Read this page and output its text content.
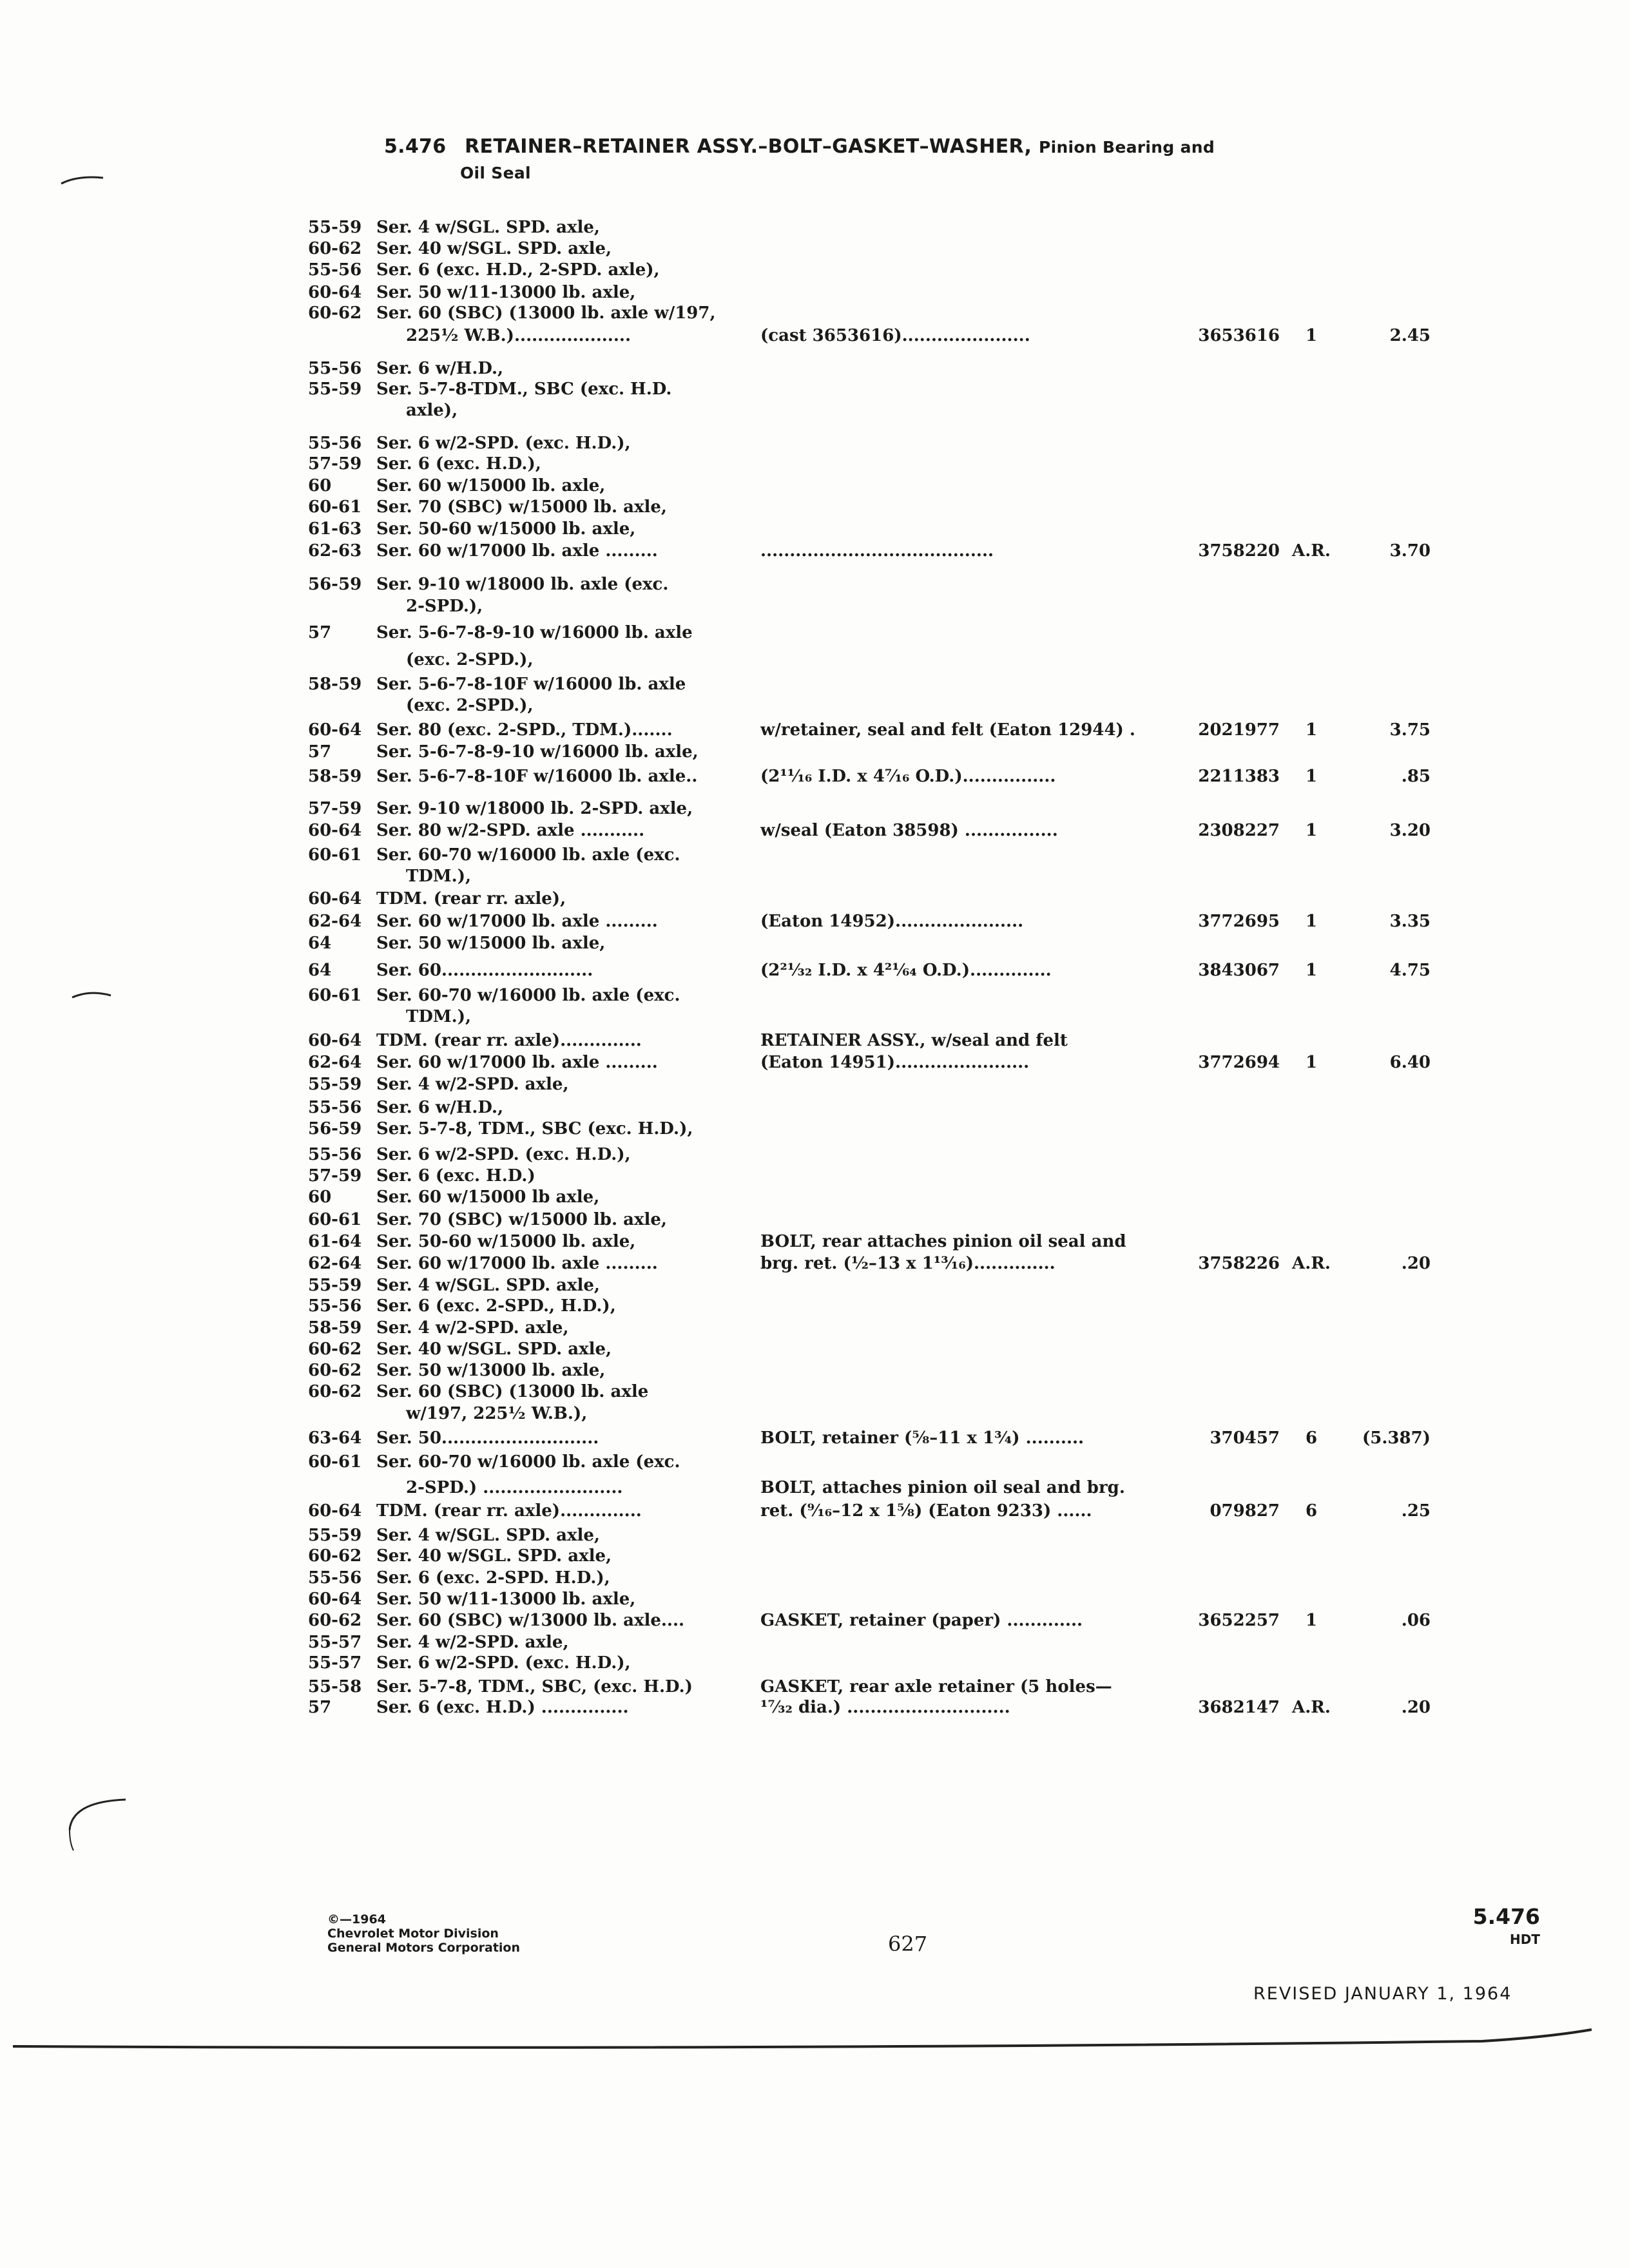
5.476 RETAINER–RETAINER ASSY.–BOLT–GASKET–WASHER, Pinion Bearing and
Oil Seal
55-59 Ser. 4 w/SGL. SPD. axle,
60-62 Ser. 40 w/SGL. SPD. axle,
55-56 Ser. 6 (exc. H.D., 2-SPD. axle),
60-64 Ser. 50 w/11-13000 lb. axle,
60-62 Ser. 60 (SBC) (13000 lb. axle w/197,
225½ W.B.)....................	(cast 3653616)......................	3653616	1	2.45
55-56 Ser. 6 w/H.D.,
55-59 Ser. 5-7-8-TDM., SBC (exc. H.D.
axle),
55-56 Ser. 6 w/2-SPD. (exc. H.D.),
57-59 Ser. 6 (exc. H.D.),
60	Ser. 60 w/15000 lb. axle,
60-61 Ser. 70 (SBC) w/15000 lb. axle,
61-63 Ser. 50-60 w/15000 lb. axle,
62-63 Ser. 60 w/17000 lb. axle .........	........................................	3758220 A.R.	3.70
56-59 Ser. 9-10 w/18000 lb. axle (exc.
2-SPD.),
57	Ser. 5-6-7-8-9-10 w/16000 lb. axle
(exc. 2-SPD.),
58-59 Ser. 5-6-7-8-10F w/16000 lb. axle
(exc. 2-SPD.),
60-64 Ser. 80 (exc. 2-SPD., TDM.).......	w/retainer, seal and felt (Eaton 12944) .	2021977	1	3.75
57	Ser. 5-6-7-8-9-10 w/16000 lb. axle,
58-59 Ser. 5-6-7-8-10F w/16000 lb. axle..	(2¹¹⁄₁₆ I.D. x 4⁷⁄₁₆ O.D.)................	2211383	1	.85
57-59 Ser. 9-10 w/18000 lb. 2-SPD. axle,
60-64 Ser. 80 w/2-SPD. axle ...........	w/seal (Eaton 38598) ................	2308227	1	3.20
60-61 Ser. 60-70 w/16000 lb. axle (exc.
TDM.),
60-64 TDM. (rear rr. axle),
62-64 Ser. 60 w/17000 lb. axle .........	(Eaton 14952)......................	3772695	1	3.35
64	Ser. 50 w/15000 lb. axle,
64	Ser. 60..........................	(2²¹⁄₃₂ I.D. x 4²¹⁄₆₄ O.D.)..............	3843067	1	4.75
60-61 Ser. 60-70 w/16000 lb. axle (exc.
TDM.),
60-64 TDM. (rear rr. axle)..............	RETAINER ASSY., w/seal and felt
62-64 Ser. 60 w/17000 lb. axle .........	(Eaton 14951).......................	3772694	1	6.40
55-59 Ser. 4 w/2-SPD. axle,
55-56 Ser. 6 w/H.D.,
56-59 Ser. 5-7-8, TDM., SBC (exc. H.D.),
55-56 Ser. 6 w/2-SPD. (exc. H.D.),
57-59 Ser. 6 (exc. H.D.)
60	Ser. 60 w/15000 lb axle,
60-61 Ser. 70 (SBC) w/15000 lb. axle,
61-64 Ser. 50-60 w/15000 lb. axle,	BOLT, rear attaches pinion oil seal and
62-64 Ser. 60 w/17000 lb. axle .........	brg. ret. (½–13 x 1¹³⁄₁₆)..............	3758226 A.R.	.20
55-59 Ser. 4 w/SGL. SPD. axle,
55-56 Ser. 6 (exc. 2-SPD., H.D.),
58-59 Ser. 4 w/2-SPD. axle,
60-62 Ser. 40 w/SGL. SPD. axle,
60-62 Ser. 50 w/13000 lb. axle,
60-62 Ser. 60 (SBC) (13000 lb. axle
w/197, 225½ W.B.),
63-64 Ser. 50...........................	BOLT, retainer (⅝–11 x 1¾) ..........	370457	6	(5.387)
60-61 Ser. 60-70 w/16000 lb. axle (exc.
2-SPD.) ........................	BOLT, attaches pinion oil seal and brg.
60-64 TDM. (rear rr. axle)..............	ret. (⁹⁄₁₆–12 x 1⅝) (Eaton 9233) ......	079827	6	.25
55-59 Ser. 4 w/SGL. SPD. axle,
60-62 Ser. 40 w/SGL. SPD. axle,
55-56 Ser. 6 (exc. 2-SPD. H.D.),
60-64 Ser. 50 w/11-13000 lb. axle,
60-62 Ser. 60 (SBC) w/13000 lb. axle....	GASKET, retainer (paper) .............	3652257	1	.06
55-57 Ser. 4 w/2-SPD. axle,
55-57 Ser. 6 w/2-SPD. (exc. H.D.),
55-58 Ser. 5-7-8, TDM., SBC, (exc. H.D.)	GASKET, rear axle retainer (5 holes—
57	Ser. 6 (exc. H.D.) ...............	¹⁷⁄₃₂ dia.) ............................	3682147 A.R.	.20
©—1964
Chevrolet Motor Division
General Motors Corporation	627
5.476
HDT
REVISED JANUARY 1, 1964
